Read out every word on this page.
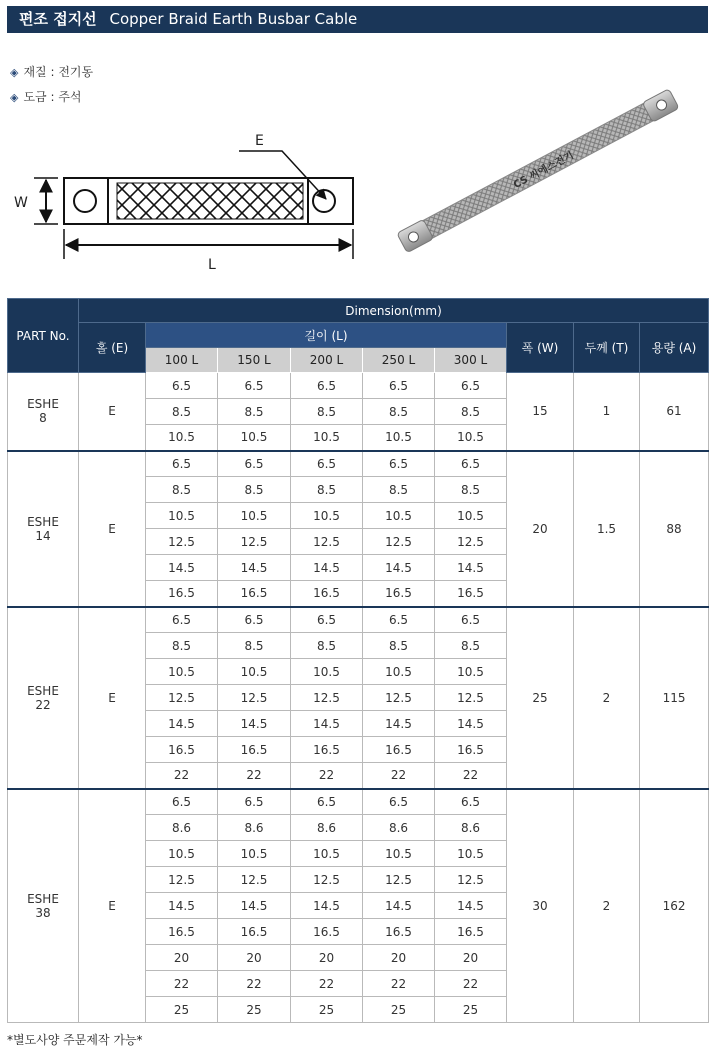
편조 접지선 Copper Braid Earth Busbar Cable
◈ 재질 : 전기동
◈ 도금 : 주석
E
W
L
CS 씨에스전기
PART No.	Dimension(mm)								
	홀 (E)	길이 (L)					폭 (W)	두께 (T)	용량 (A)
		100 L	150 L	200 L	250 L	300 L			

ESHE
8	E	6.5	6.5	6.5	6.5	6.5	15	1	61
		8.5	8.5	8.5	8.5	8.5			
		10.5	10.5	10.5	10.5	10.5			

ESHE
14	E	6.5	6.5	6.5	6.5	6.5	20	1.5	88
		8.5	8.5	8.5	8.5	8.5			
		10.5	10.5	10.5	10.5	10.5			
		12.5	12.5	12.5	12.5	12.5			
		14.5	14.5	14.5	14.5	14.5			
		16.5	16.5	16.5	16.5	16.5			

ESHE
22	E	6.5	6.5	6.5	6.5	6.5	25	2	115
		8.5	8.5	8.5	8.5	8.5			
		10.5	10.5	10.5	10.5	10.5			
		12.5	12.5	12.5	12.5	12.5			
		14.5	14.5	14.5	14.5	14.5			
		16.5	16.5	16.5	16.5	16.5			
		22	22	22	22	22			

ESHE
38	E	6.5	6.5	6.5	6.5	6.5	30	2	162
		8.6	8.6	8.6	8.6	8.6			
		10.5	10.5	10.5	10.5	10.5			
		12.5	12.5	12.5	12.5	12.5			
		14.5	14.5	14.5	14.5	14.5			
		16.5	16.5	16.5	16.5	16.5			
		20	20	20	20	20			
		22	22	22	22	22			
		25	25	25	25	25			
*별도사양 주문제작 가능*
